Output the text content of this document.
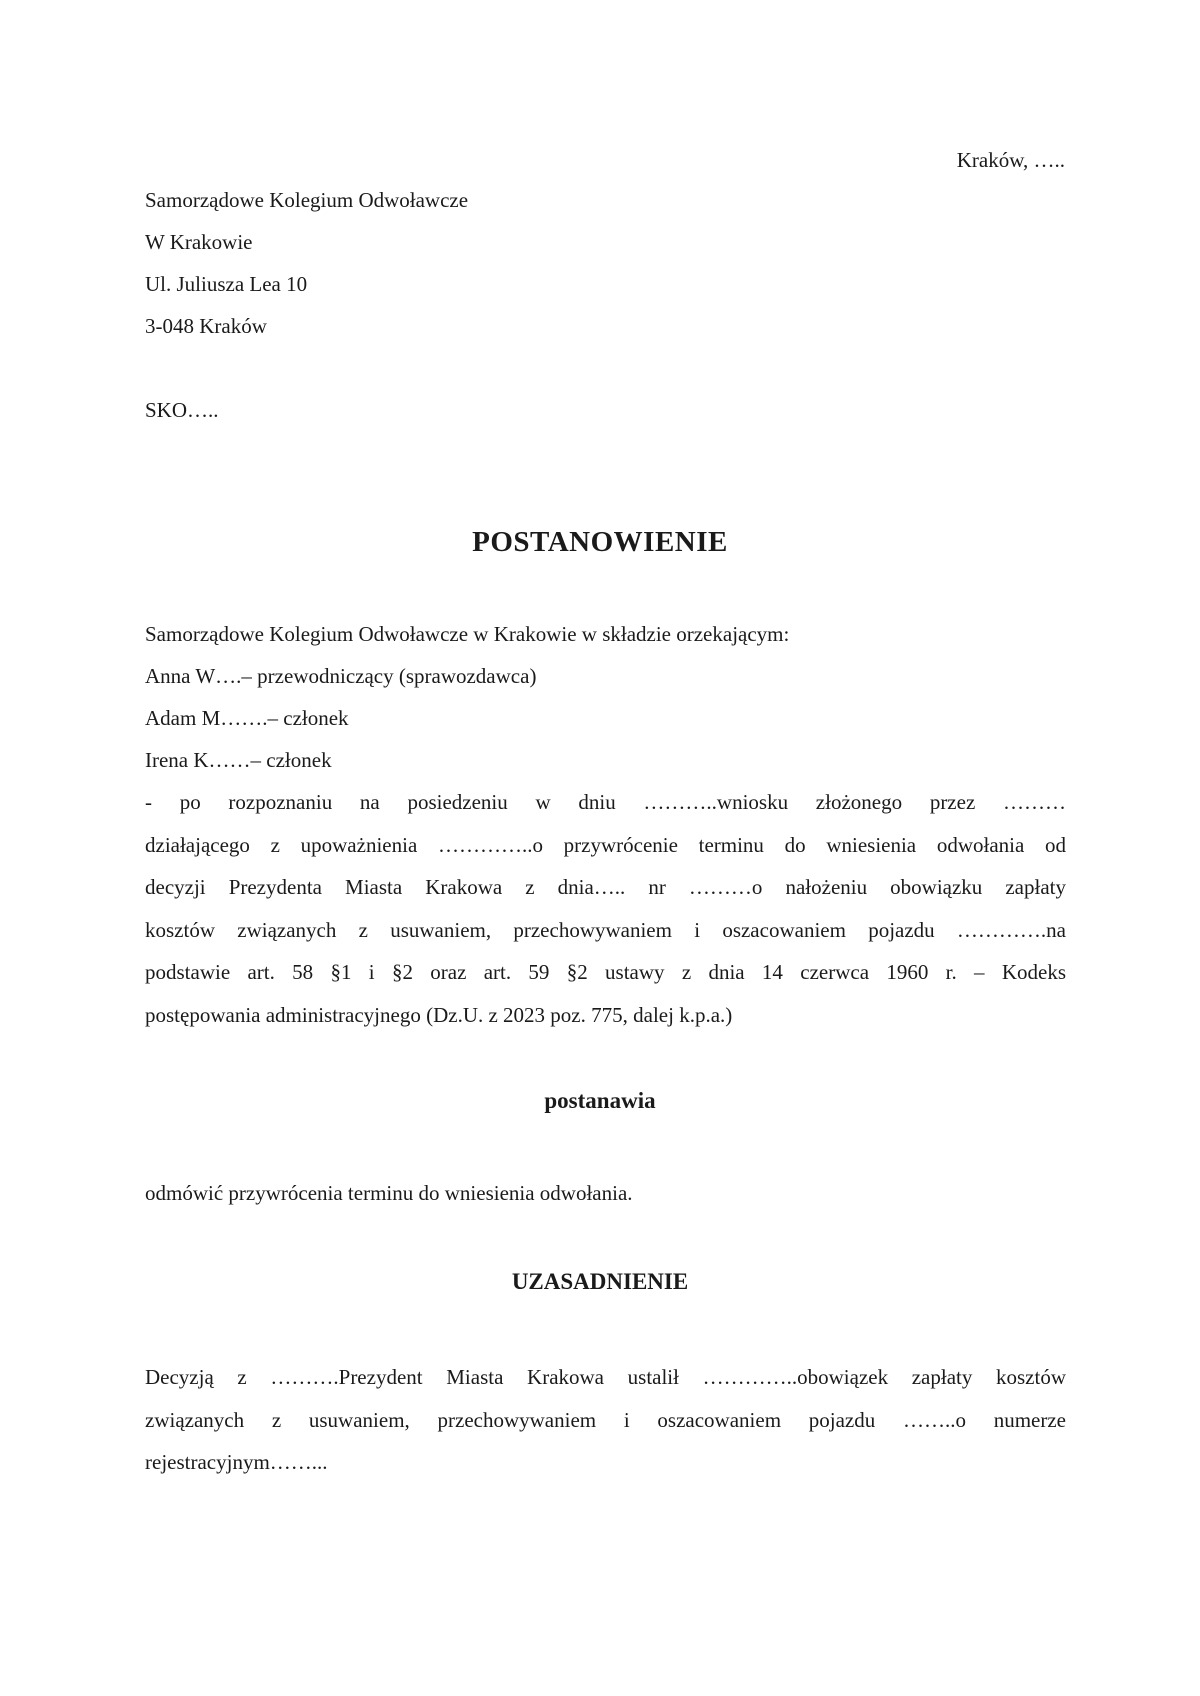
Kraków, …..
Samorządowe Kolegium Odwoławcze
W Krakowie
Ul. Juliusza Lea 10
3-048 Kraków
SKO…..
POSTANOWIENIE
Samorządowe Kolegium Odwoławcze w Krakowie w składzie orzekającym:
Anna W….– przewodniczący (sprawozdawca)
Adam M…….– członek
Irena K……– członek
- po rozpoznaniu na posiedzeniu w dniu ………..wniosku złożonego przez ………
działającego z upoważnienia …………..o przywrócenie terminu do wniesienia odwołania od
decyzji Prezydenta Miasta Krakowa z dnia….. nr ………o nałożeniu obowiązku zapłaty
kosztów związanych z usuwaniem, przechowywaniem i oszacowaniem pojazdu ………….na
podstawie art. 58 §1 i §2 oraz art. 59 §2 ustawy z dnia 14 czerwca 1960 r. – Kodeks
postępowania administracyjnego (Dz.U. z 2023 poz. 775, dalej k.p.a.)
postanawia
odmówić przywrócenia terminu do wniesienia odwołania.
UZASADNIENIE
Decyzją z ……….Prezydent Miasta Krakowa ustalił …………..obowiązek zapłaty kosztów
związanych z usuwaniem, przechowywaniem i oszacowaniem pojazdu ……..o numerze
rejestracyjnym……...
